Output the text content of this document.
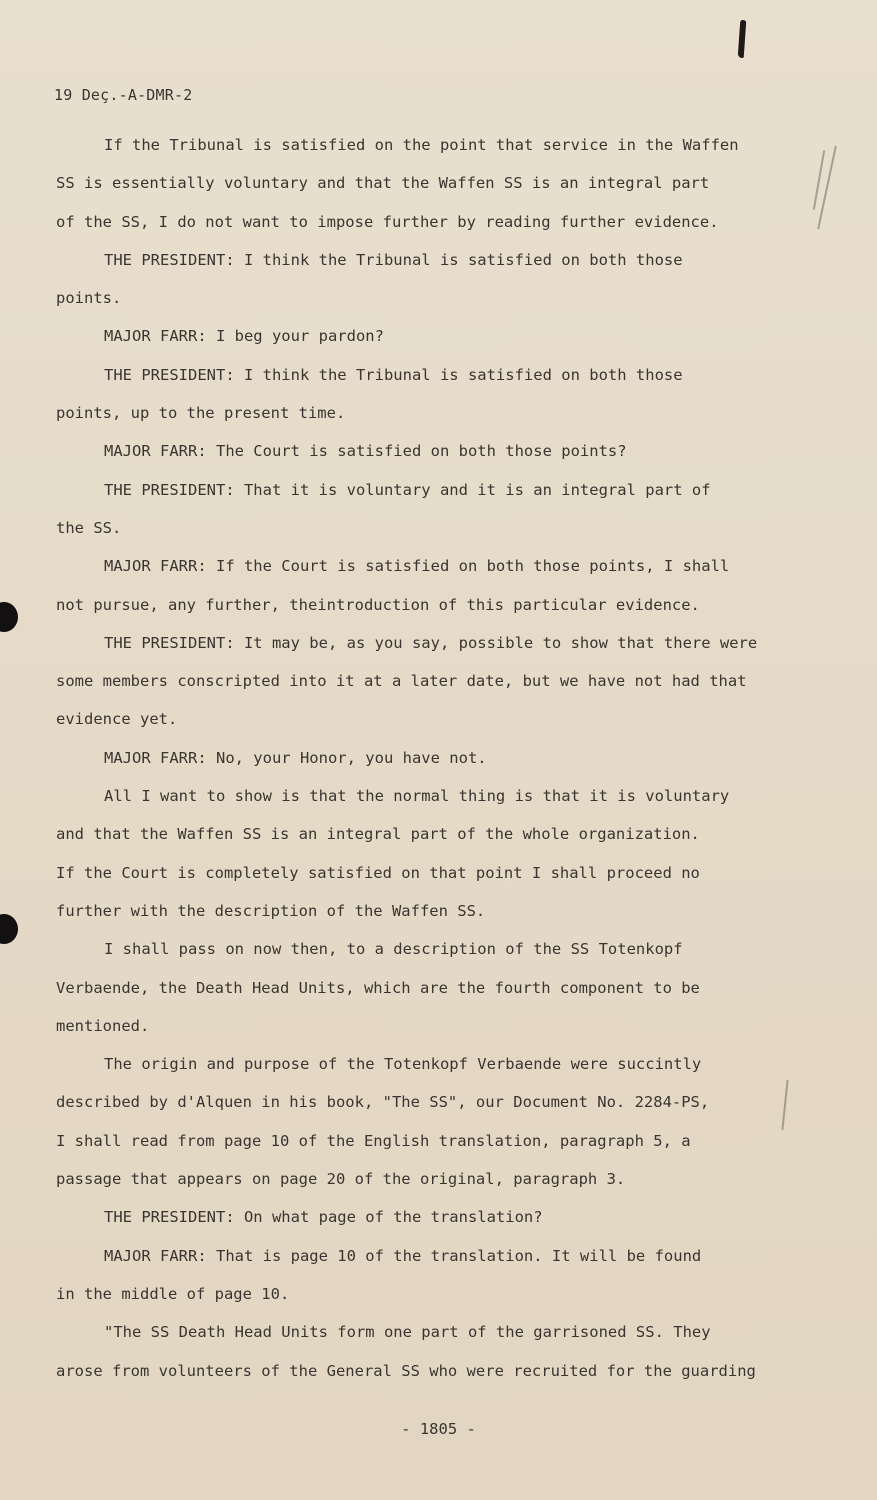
19 Deç.-A-DMR-2
If the Tribunal is satisfied on the point that service in the Waffen
SS is essentially voluntary and that the Waffen SS is an integral part
of the SS, I do not want to impose further by reading further evidence.
THE PRESIDENT: I think the Tribunal is satisfied on both those
points.
MAJOR FARR: I beg your pardon?
THE PRESIDENT: I think the Tribunal is satisfied on both those
points, up to the present time.
MAJOR FARR: The Court is satisfied on both those points?
THE PRESIDENT: That it is voluntary and it is an integral part of
the SS.
MAJOR FARR: If the Court is satisfied on both those points, I shall
not pursue, any further, theintroduction of this particular evidence.
THE PRESIDENT: It may be, as you say, possible to show that there were
some members conscripted into it at a later date, but we have not had that
evidence yet.
MAJOR FARR: No, your Honor, you have not.
All I want to show is that the normal thing is that it is voluntary
and that the Waffen SS is an integral part of the whole organization.
If the Court is completely satisfied on that point I shall proceed no
further with the description of the Waffen SS.
I shall pass on now then, to a description of the SS Totenkopf
Verbaende, the Death Head Units, which are the fourth component to be
mentioned.
The origin and purpose of the Totenkopf Verbaende were succintly
described by d'Alquen in his book, "The SS", our Document No. 2284-PS,
I shall read from page 10 of the English translation, paragraph 5, a
passage that appears on page 20 of the original, paragraph 3.
THE PRESIDENT: On what page of the translation?
MAJOR FARR: That is page 10 of the translation. It will be found
in the middle of page 10.
"The SS Death Head Units form one part of the garrisoned SS. They
arose from volunteers of the General SS who were recruited for the guarding
- 1805 -
